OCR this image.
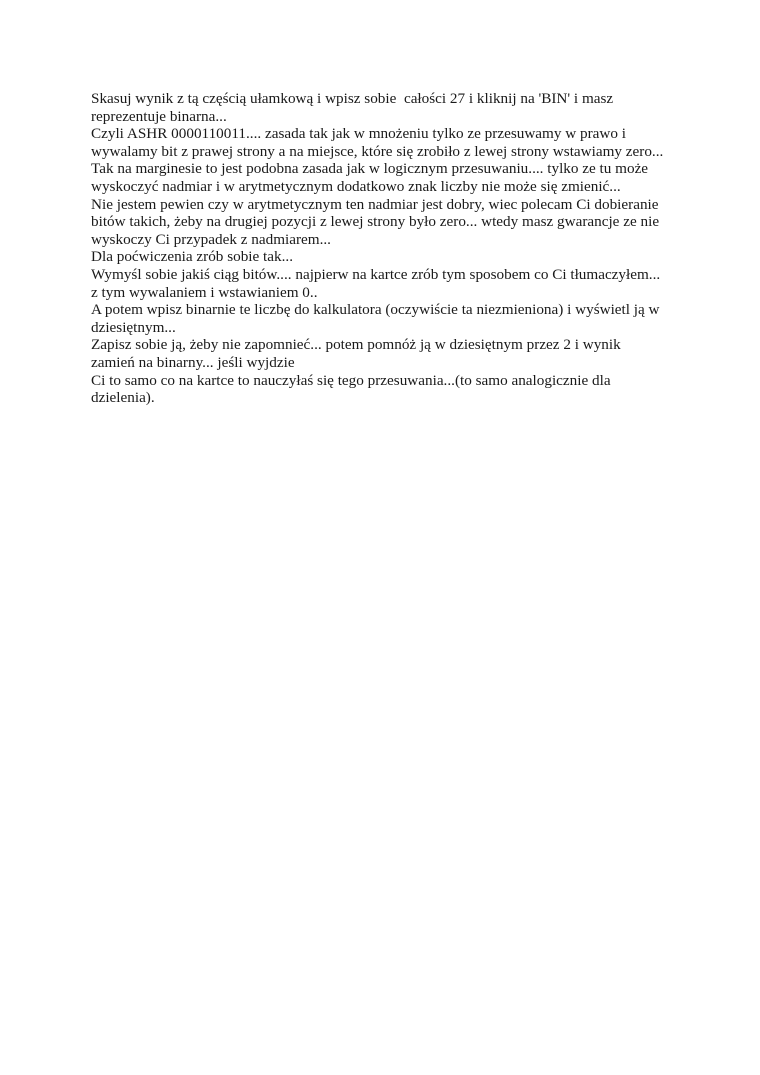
Skasuj wynik z tą częścią ułamkową i wpisz sobie  całości 27 i kliknij na 'BIN' i masz
reprezentuje binarna...
Czyli ASHR 0000110011.... zasada tak jak w mnożeniu tylko ze przesuwamy w prawo i
wywalamy bit z prawej strony a na miejsce, które się zrobiło z lewej strony wstawiamy zero...
Tak na marginesie to jest podobna zasada jak w logicznym przesuwaniu.... tylko ze tu może
wyskoczyć nadmiar i w arytmetycznym dodatkowo znak liczby nie może się zmienić...
Nie jestem pewien czy w arytmetycznym ten nadmiar jest dobry, wiec polecam Ci dobieranie
bitów takich, żeby na drugiej pozycji z lewej strony było zero... wtedy masz gwarancje ze nie
wyskoczy Ci przypadek z nadmiarem...
Dla poćwiczenia zrób sobie tak...
Wymyśl sobie jakiś ciąg bitów.... najpierw na kartce zrób tym sposobem co Ci tłumaczyłem...
z tym wywalaniem i wstawianiem 0..
A potem wpisz binarnie te liczbę do kalkulatora (oczywiście ta niezmieniona) i wyświetl ją w
dziesiętnym...
Zapisz sobie ją, żeby nie zapomnieć... potem pomnóż ją w dziesiętnym przez 2 i wynik
zamień na binarny... jeśli wyjdzie
Ci to samo co na kartce to nauczyłaś się tego przesuwania...(to samo analogicznie dla
dzielenia).
